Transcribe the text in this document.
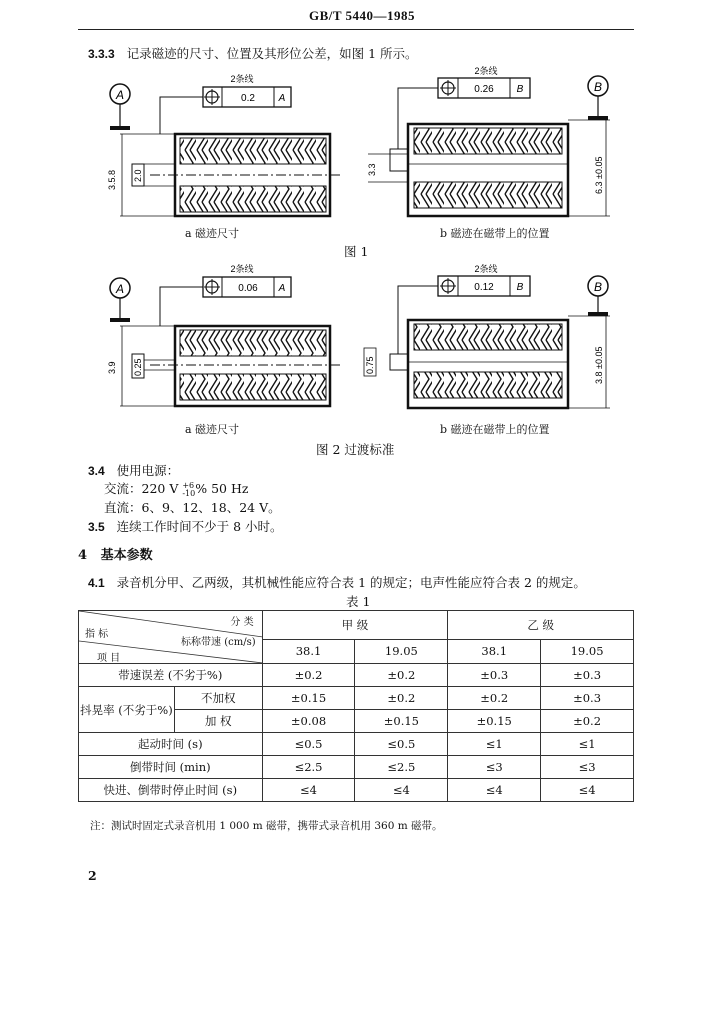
GB/T 5440—1985
3.3.3 记录磁迹的尺寸、位置及其形位公差，如图 1 所示。
A
2条线
0.2 A
3.5.8 2.0
2条线
0.26 B	B
3.3	6.3 ±0.05
a 磁迹尺寸	b 磁迹在磁带上的位置
图 1
A
2条线
0.06 A
3.9 0.25
2条线
0.12 B	B
0.75	3.8 ±0.05
a 磁迹尺寸	b 磁迹在磁带上的位置
图 2 过渡标准
3.4 使用电源：
交流：220 V +6
-10% 50 Hz
直流：6、9、12、18、24 V。
3.5 连续工作时间不少于 8 小时。
4 基本参数
4.1 录音机分甲、乙两级，其机械性能应符合表 1 的规定；电声性能应符合表 2 的规定。
表 1
分 类
指 标
标称带速 (cm/s)
项 目		甲 级		乙 级	
		38.1	19.05	38.1	19.05
带速误差 (不劣于%)		±0.2	±0.2	±0.3	±0.3
抖晃率 (不劣于%)	不加权	±0.15	±0.2	±0.2	±0.3
	加 权	±0.08	±0.15	±0.15	±0.2
起动时间 (s)		≤0.5	≤0.5	≤1	≤1
倒带时间 (min)		≤2.5	≤2.5	≤3	≤3
快进、倒带时停止时间 (s)		≤4	≤4	≤4	≤4
注：测试时固定式录音机用 1 000 m 磁带，携带式录音机用 360 m 磁带。
2
